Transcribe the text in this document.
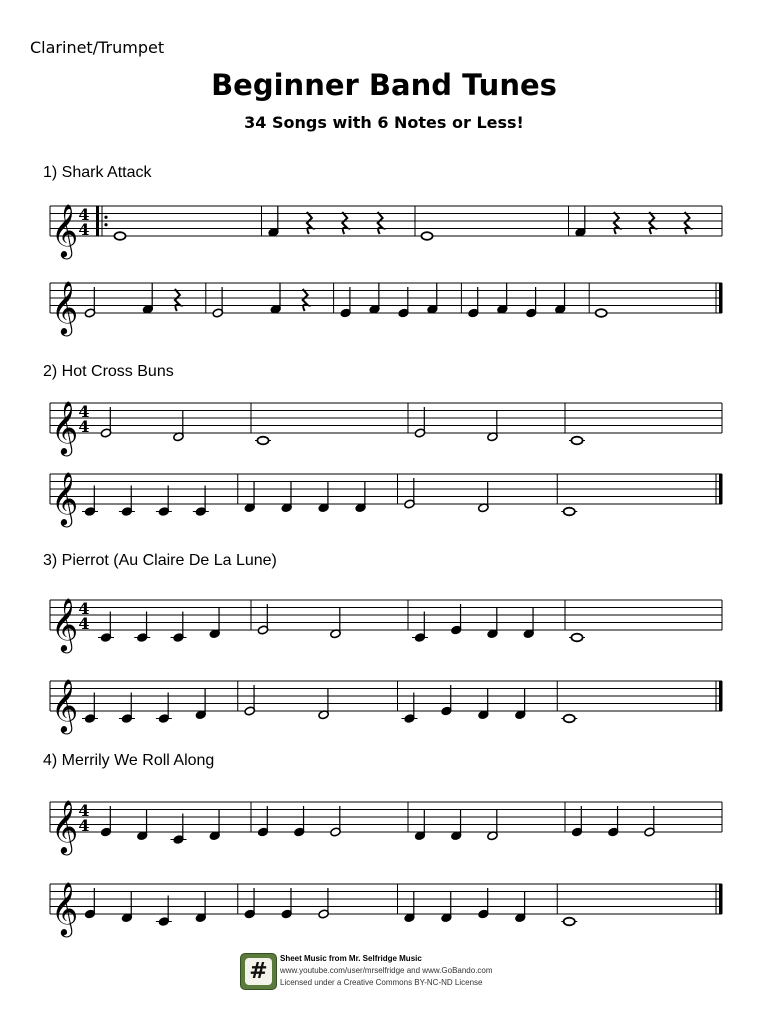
Clarinet/Trumpet
Beginner Band Tunes
34 Songs with 6 Notes or Less!
1) Shark Attack
𝄞 4
4
𝄞
2) Hot Cross Buns
𝄞 4
4
𝄞
3) Pierrot (Au Claire De La Lune)
𝄞 4
4
𝄞
4) Merrily We Roll Along
𝄞 4
4
𝄞
#
Sheet Music from Mr. Selfridge Music
www.youtube.com/user/mrselfridge and www.GoBando.com
Licensed under a Creative Commons BY-NC-ND License
